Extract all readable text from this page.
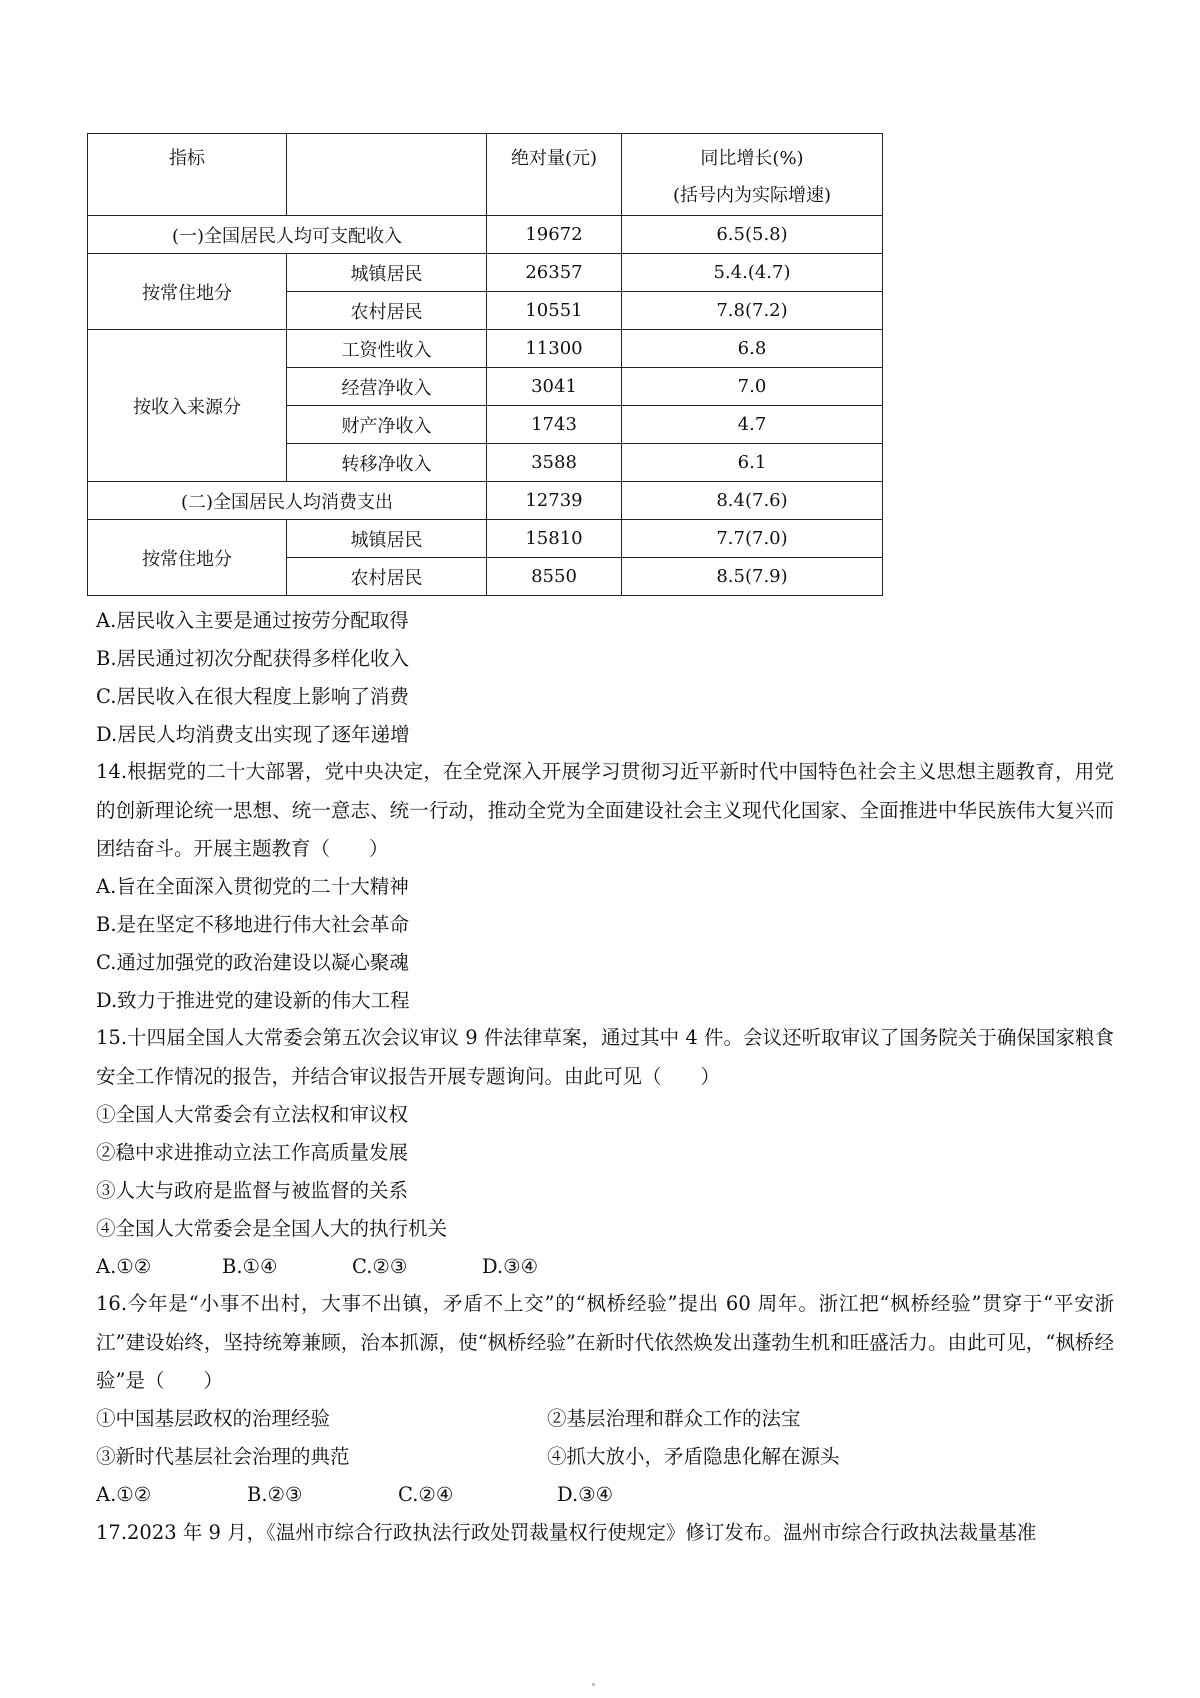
指标		绝对量(元)	同比增长(%)
(括号内为实际增速)

(一)全国居民人均可支配收入		19672	6.5(5.8)
按常住地分	城镇居民	26357	5.4.(4.7)
	农村居民	10551	7.8(7.2)
按收入来源分	工资性收入	11300	6.8
	经营净收入	3041	7.0
	财产净收入	1743	4.7
	转移净收入	3588	6.1
(二)全国居民人均消费支出		12739	8.4(7.6)
按常住地分	城镇居民	15810	7.7(7.0)
	农村居民	8550	8.5(7.9)
A.居民收入主要是通过按劳分配取得
B.居民通过初次分配获得多样化收入
C.居民收入在很大程度上影响了消费
D.居民人均消费支出实现了逐年递增
14.根据党的二十大部署，党中央决定，在全党深入开展学习贯彻习近平新时代中国特色社会主义思想主题教育，用党的创新理论统一思想、统一意志、统一行动，推动全党为全面建设社会主义现代化国家、全面推进中华民族伟大复兴而团结奋斗。开展主题教育（　　）
A.旨在全面深入贯彻党的二十大精神
B.是在坚定不移地进行伟大社会革命
C.通过加强党的政治建设以凝心聚魂
D.致力于推进党的建设新的伟大工程
15.十四届全国人大常委会第五次会议审议 9 件法律草案，通过其中 4 件。会议还听取审议了国务院关于确保国家粮食安全工作情况的报告，并结合审议报告开展专题询问。由此可见（　　）
①全国人大常委会有立法权和审议权
②稳中求进推动立法工作高质量发展
③人大与政府是监督与被监督的关系
④全国人大常委会是全国人大的执行机关
A.①②	B.①④	C.②③	D.③④
16.今年是“小事不出村，大事不出镇，矛盾不上交”的“枫桥经验”提出 60 周年。浙江把“枫桥经验”贯穿于“平安浙江”建设始终，坚持统筹兼顾，治本抓源，使“枫桥经验”在新时代依然焕发出蓬勃生机和旺盛活力。由此可见，“枫桥经验”是（　　）
①中国基层政权的治理经验	②基层治理和群众工作的法宝
③新时代基层社会治理的典范	④抓大放小，矛盾隐患化解在源头
A.①②	B.②③	C.②④	D.③④
17.2023 年 9 月，《温州市综合行政执法行政处罚裁量权行使规定》修订发布。温州市综合行政执法裁量基准
